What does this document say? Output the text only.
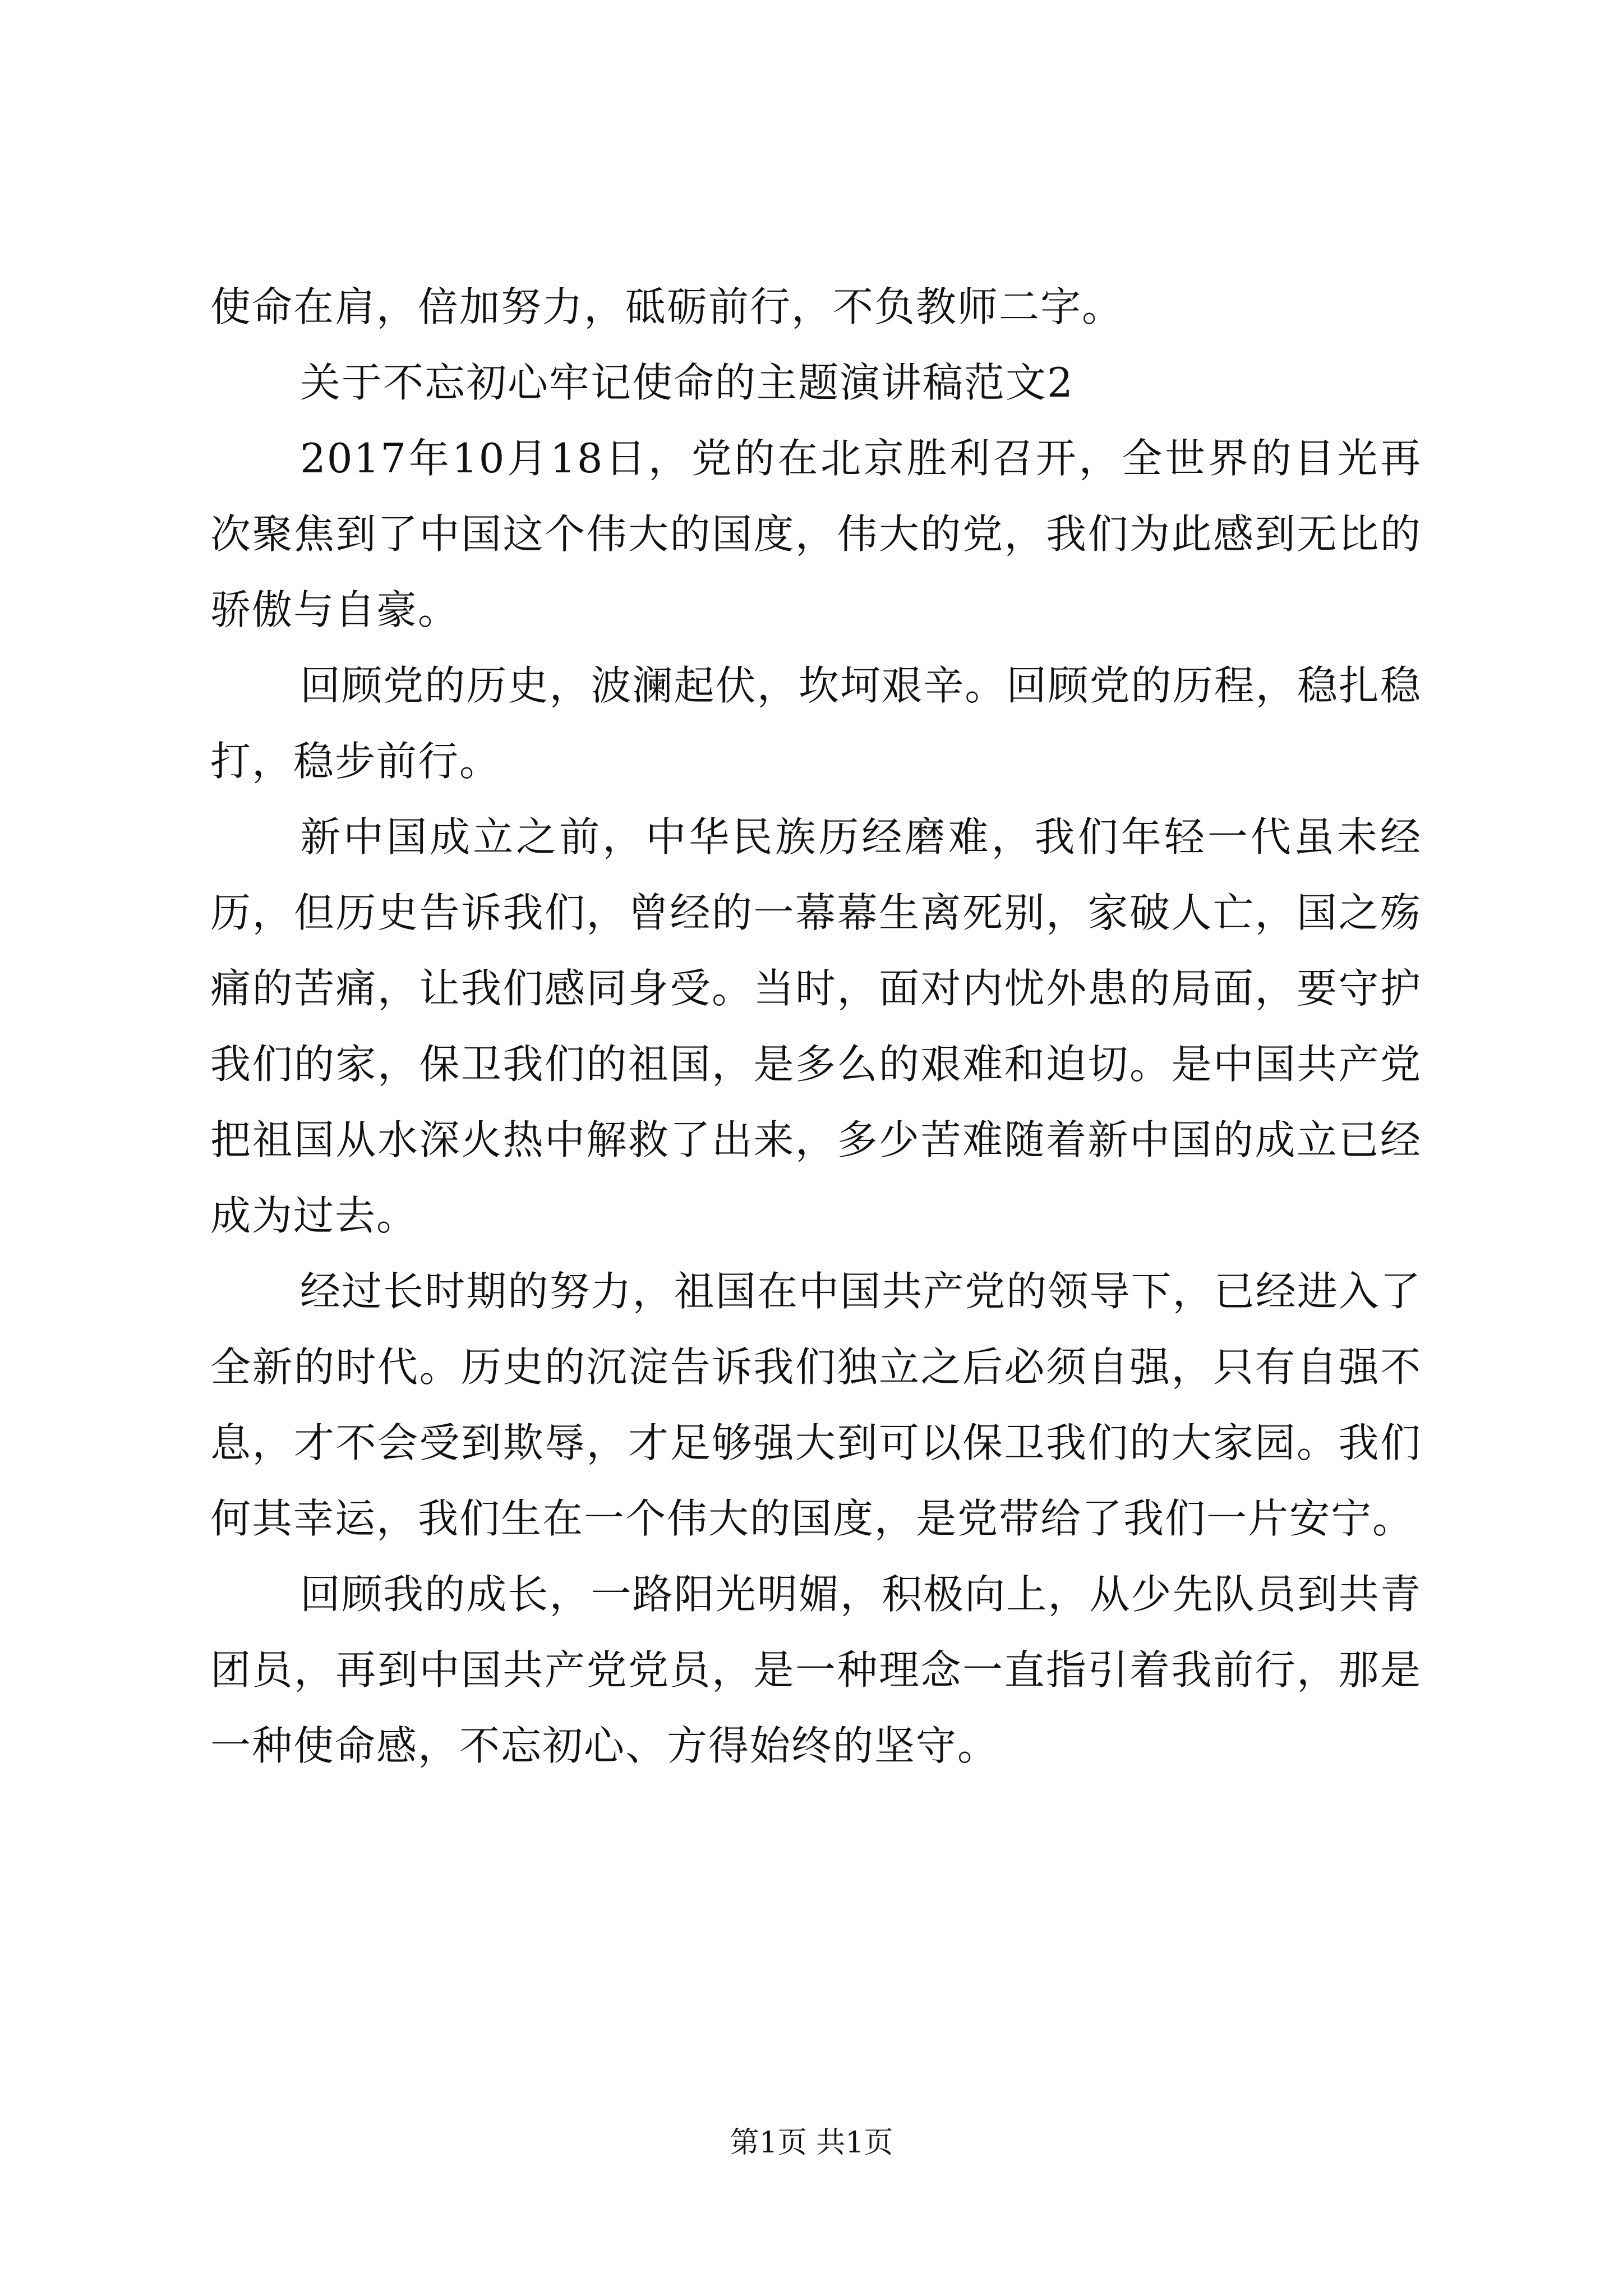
使命在肩，倍加努力，砥砺前行，不负教师二字。

关于不忘初心牢记使命的主题演讲稿范文2

2017年10月18日，党的在北京胜利召开，全世界的目光再次聚焦到了中国这个伟大的国度，伟大的党，我们为此感到无比的骄傲与自豪。

回顾党的历史，波澜起伏，坎坷艰辛。回顾党的历程，稳扎稳打，稳步前行。

新中国成立之前，中华民族历经磨难，我们年轻一代虽未经历，但历史告诉我们，曾经的一幕幕生离死别，家破人亡，国之殇痛的苦痛，让我们感同身受。当时，面对内忧外患的局面，要守护我们的家，保卫我们的祖国，是多么的艰难和迫切。是中国共产党把祖国从水深火热中解救了出来，多少苦难随着新中国的成立已经成为过去。

经过长时期的努力，祖国在中国共产党的领导下，已经进入了全新的时代。历史的沉淀告诉我们独立之后必须自强，只有自强不息，才不会受到欺辱，才足够强大到可以保卫我们的大家园。我们何其幸运，我们生在一个伟大的国度，是党带给了我们一片安宁。

回顾我的成长，一路阳光明媚，积极向上，从少先队员到共青团员，再到中国共产党党员，是一种理念一直指引着我前行，那是一种使命感，不忘初心、方得始终的坚守。

第1页 共1页
